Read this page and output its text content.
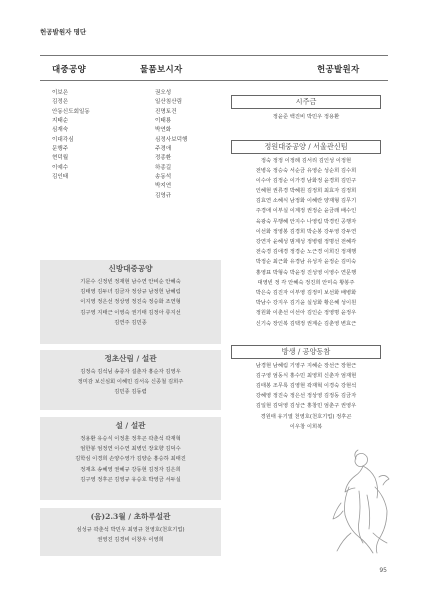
헌공발원자 명단
대중공양	물품보시자	헌공발원자
이보은
김정은
안동신도회일동
지태순
심재숙
이대각심
문행주
현덕월
이예수
김인태
권오성
일산침산림
진명토건
이태룡
박연화
심정사보덕행
주경애
정종환
하종길
송동석
박지연
김영규
신방대중공양
기문수 신정빈 정재현 남수연 안비순 안혜숙
김태영 김두녀 김금자 정상규 남정헌 남혜림
이지영 정은선 정상영 정진숙 정승화 조연형
김구영 지태근 이영숙 권기태 김정아 류지선
김연주 김민종
정초산림 / 설관
김정숙 김석님 송종자 설춘자 홍순자 김영우
정미감 보신심회 이혜민 김서옥 신종철 김희주
김민종 김동렴
설 / 설관
정용환 유승식 이정훈 정후곤 곽춘석 곽재혁
엄한봉 엄정연 이수연 최병인 장효향 김덕수
김학심 이경희 손양수영가 김양순 홍승하 최태진
정재초 송혜영 권혜규 강동현 김정자 김은희
김구영 정후곤 김영규 유승호 박영금 서두실
(음)2.3월 / 초하루설관
심성규 곽춘석 박민우 최영규 천영호(천호기업)
권영진 김경비 이창우 이영희
시주금
정윤준 백진비 박민우 정용환
정원대중공양 / 서울관신팀
정숙 정정 이정례 김서리 김인성 이정현
전병옥 정승숙 서순금 유영순 성순희 김수희
이수아 김정순 이가경 남화정 윤경희 김민구
인혜현 권류경 박혜원 김정희 최효자 김정희
김효연 소혜식 남정화 이혜란 양재형 김무기
주경애 이부실 이계정 권정순 윤금래 배수인
육광숙 무행혜 안지수 나영림 박경린 공행자
이선화 정영봉 김경희 박순봉 강두영 강두연
강연자 윤혜성 범계성 정병렬 정명선 전혜각
전숙경 김애경 정경순 노근경 이희진 정재행
박정순 최근화 유경남 유성자 윤정순 김미숙
홍영표 박형숙 박윤정 진성영 이영수 연문행
대영빈 정 각 안혜숙 정진희 안미숙 황봉주
박은숙 김진자 이부영 김정미 보선화 배병화
박남수 강지우 김기윤 실성화 황은혜 성이원
정원화 이춘선 이선아 김인순 정영명 윤정우
신기숙 장인복 김택정 권계순 김춘영 변효근
방생 / 공양동참
남경현 남혜림 기영구 지혜순 장선근 장현근
김구영 엄동식 홍수민 최영희 신춘자 엄재현
김태봉 조무록 김영현 곽재혁 이경숙 강현석
강혜영 정진숙 정은선 정상영 김정동 김금자
김일현 김덕영 김성근 홍창민 엄춘구 권영우
경원태 유기열 천영호(천호기업) 정후곤
이우창 이희복
95
